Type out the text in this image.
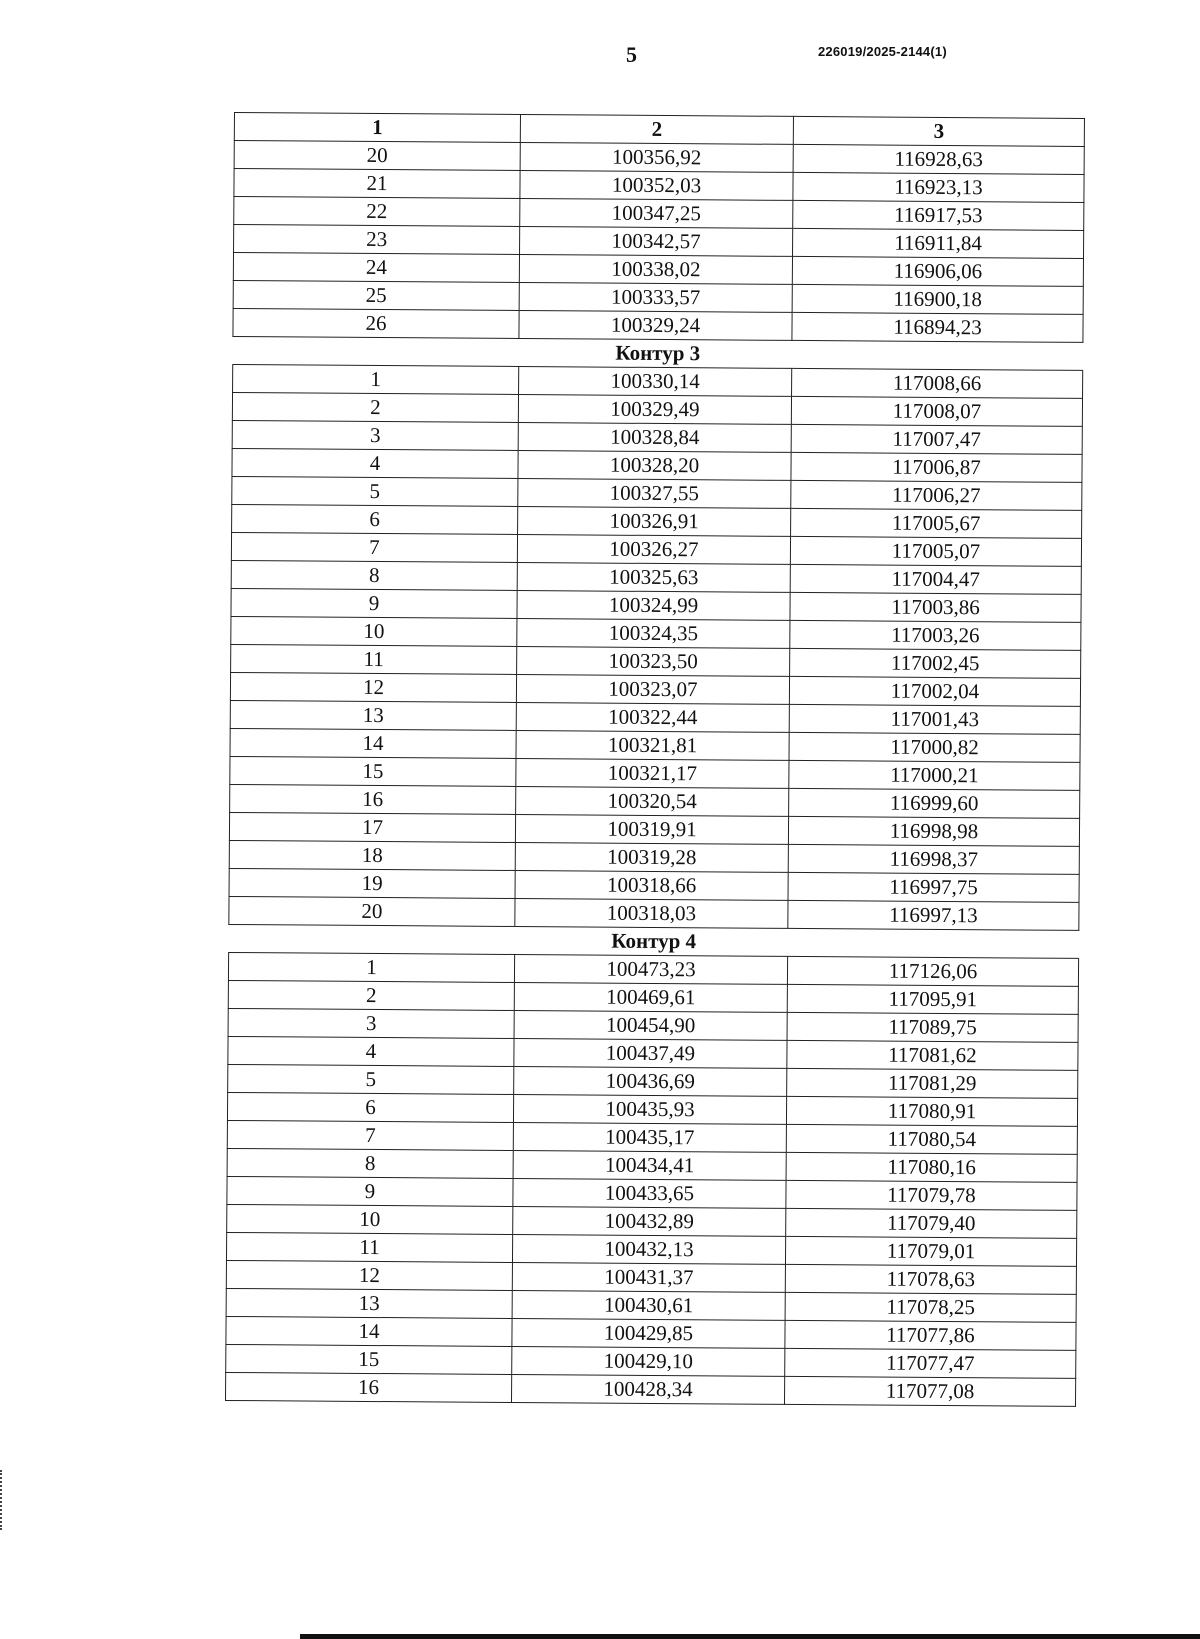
5	226019/2025-2144(1)
1	2	3
20	100356,92	116928,63
21	100352,03	116923,13
22	100347,25	116917,53
23	100342,57	116911,84
24	100338,02	116906,06
25	100333,57	116900,18
26	100329,24	116894,23
Контур 3		
1	100330,14	117008,66
2	100329,49	117008,07
3	100328,84	117007,47
4	100328,20	117006,87
5	100327,55	117006,27
6	100326,91	117005,67
7	100326,27	117005,07
8	100325,63	117004,47
9	100324,99	117003,86
10	100324,35	117003,26
11	100323,50	117002,45
12	100323,07	117002,04
13	100322,44	117001,43
14	100321,81	117000,82
15	100321,17	117000,21
16	100320,54	116999,60
17	100319,91	116998,98
18	100319,28	116998,37
19	100318,66	116997,75
20	100318,03	116997,13
Контур 4		
1	100473,23	117126,06
2	100469,61	117095,91
3	100454,90	117089,75
4	100437,49	117081,62
5	100436,69	117081,29
6	100435,93	117080,91
7	100435,17	117080,54
8	100434,41	117080,16
9	100433,65	117079,78
10	100432,89	117079,40
11	100432,13	117079,01
12	100431,37	117078,63
13	100430,61	117078,25
14	100429,85	117077,86
15	100429,10	117077,47
16	100428,34	117077,08
